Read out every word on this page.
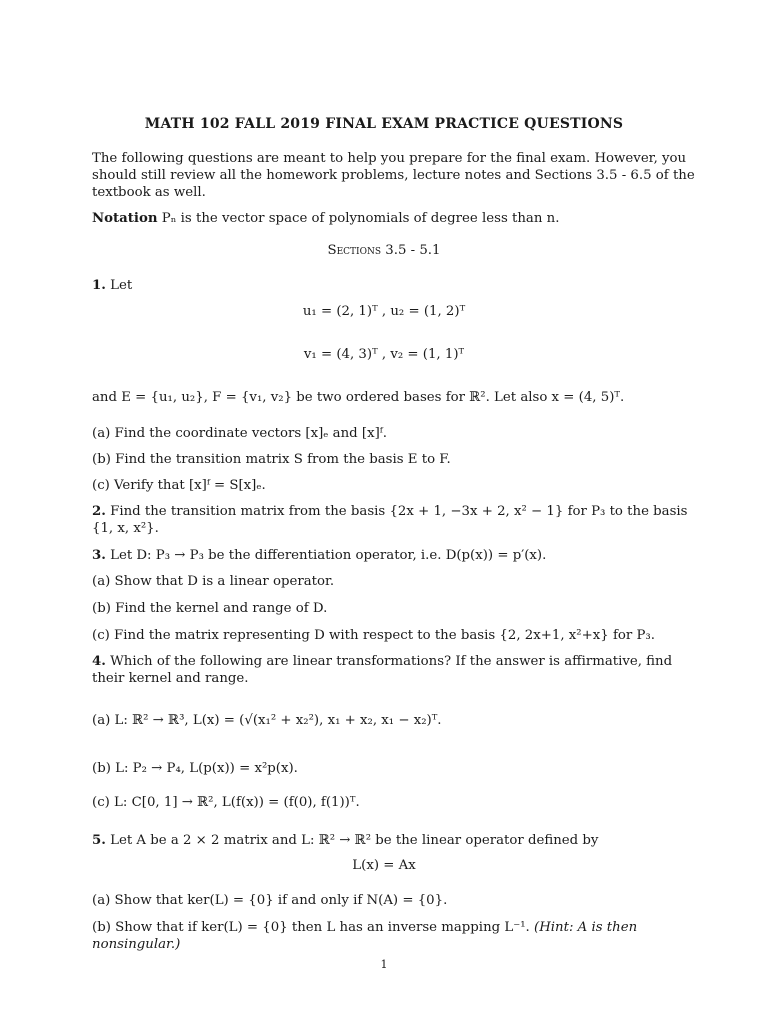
MATH 102 FALL 2019 FINAL EXAM PRACTICE QUESTIONS
The following questions are meant to help you prepare for the final exam. However, you
should still review all the homework problems, lecture notes and Sections 3.5 - 6.5 of the
textbook as well.
Notation Pₙ is the vector space of polynomials of degree less than n.
Sections 3.5 - 5.1
1. Let
u₁ = (2, 1)ᵀ , u₂ = (1, 2)ᵀ
v₁ = (4, 3)ᵀ , v₂ = (1, 1)ᵀ
and E = {u₁, u₂}, F = {v₁, v₂} be two ordered bases for ℝ². Let also x = (4, 5)ᵀ.
(a) Find the coordinate vectors [x]ₑ and [x]ᶠ.
(b) Find the transition matrix S from the basis E to F.
(c) Verify that [x]ᶠ = S[x]ₑ.
2. Find the transition matrix from the basis {2x + 1, −3x + 2, x² − 1} for P₃ to the basis
{1, x, x²}.
3. Let D: P₃ → P₃ be the differentiation operator, i.e. D(p(x)) = p′(x).
(a) Show that D is a linear operator.
(b) Find the kernel and range of D.
(c) Find the matrix representing D with respect to the basis {2, 2x+1, x²+x} for P₃.
4. Which of the following are linear transformations? If the answer is affirmative, find
their kernel and range.
(a) L: ℝ² → ℝ³, L(x) = (√(x₁² + x₂²), x₁ + x₂, x₁ − x₂)ᵀ.
(b) L: P₂ → P₄, L(p(x)) = x²p(x).
(c) L: C[0, 1] → ℝ², L(f(x)) = (f(0), f(1))ᵀ.
5. Let A be a 2 × 2 matrix and L: ℝ² → ℝ² be the linear operator defined by
L(x) = Ax
(a) Show that ker(L) = {0} if and only if N(A) = {0}.
(b) Show that if ker(L) = {0} then L has an inverse mapping L⁻¹. (Hint: A is then
nonsingular.)
1
